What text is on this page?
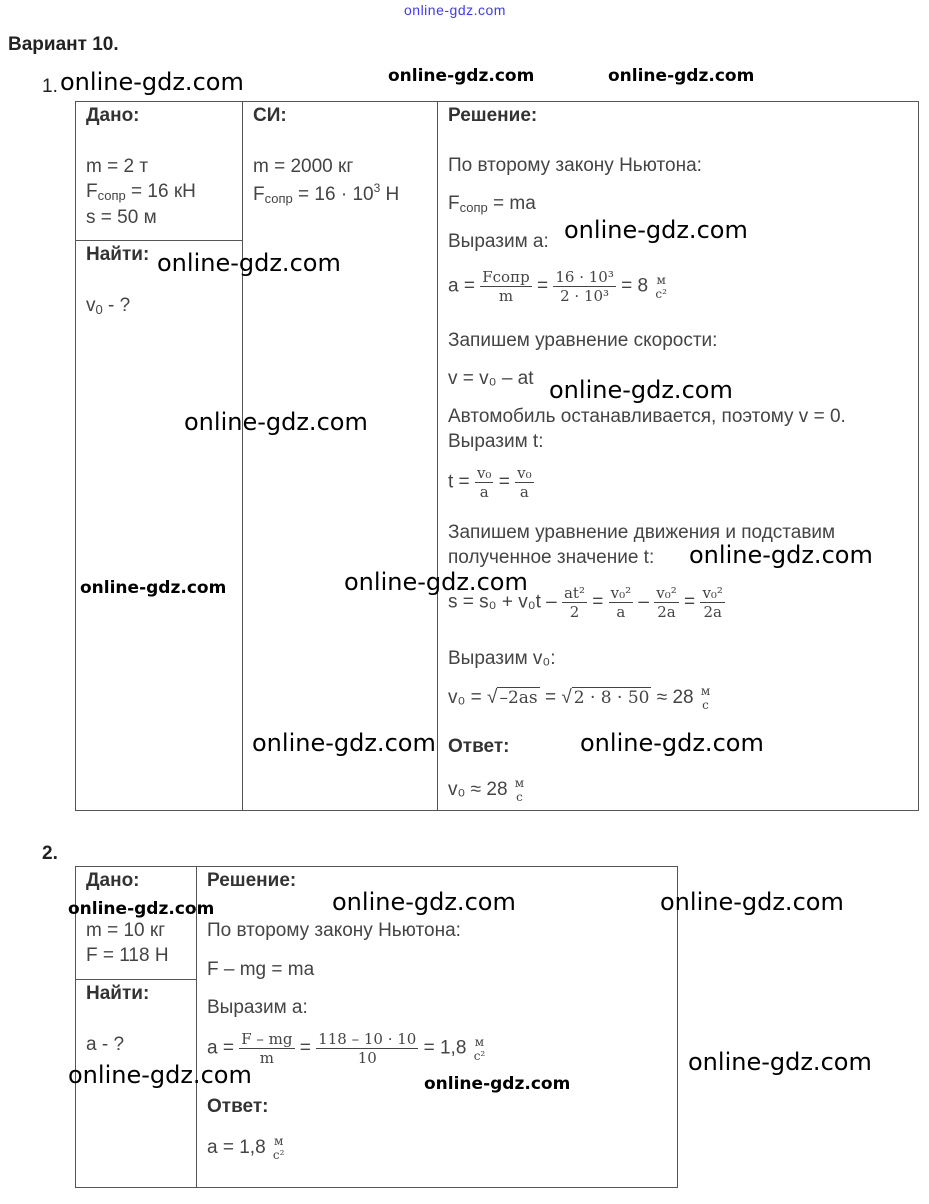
online-gdz.com
Вариант 10.
1.
Дано:
m = 2 т
$F_{сопр} = 16$ кН
s = 50 м
Найти:
$v_0$ - ?
СИ:
m = 2000 кг
$F_{сопр} = 16 \cdot 10^3$ Н
Решение:
По второму закону Ньютона:
$F_{сопр}$ = ma
Выразим a:
$a = \frac{\text{Fсопр}}{m} = \frac{\text{16 · 10³}}{\text{2 · 10³}} = 8$ м
c²
Запишем уравнение скорости:
v = v₀ – at
Автомобиль останавливается, поэтому v = 0.
Выразим t:
$t = \frac{\text{v₀}}{a} = \frac{\text{v₀}}{a}$
Запишем уравнение движения и подставим
полученное значение t:
$s = s_0 + v_0t - \frac{\text{at²}}{2} = \frac{\text{v₀²}}{a} - \frac{\text{v₀²}}{2a} = \frac{\text{v₀²}}{2a}$
Выразим v₀:
v₀ = √ –2as = √ 2 · 8 · 50 ≈ 28 м
с
Ответ:
v₀ ≈ 28 м
с
2.
Дано:
m = 10 кг
F = 118 Н
Найти:
a - ?
Решение:
По второму закону Ньютона:
F – mg = ma
Выразим a:
$a = \frac{F - mg}{m} = \frac{118 - 10 \cdot 10}{10} = 1,8$ м
c²
Ответ:
a = 1,8 м
c²
online-gdz.com	online-gdz.com	online-gdz.com
online-gdz.com
online-gdz.com
online-gdz.com
online-gdz.com
online-gdz.com
online-gdz.com
online-gdz.com
online-gdz.com	online-gdz.com
online-gdz.com	online-gdz.com
online-gdz.com
online-gdz.com
online-gdz.com	online-gdz.com
